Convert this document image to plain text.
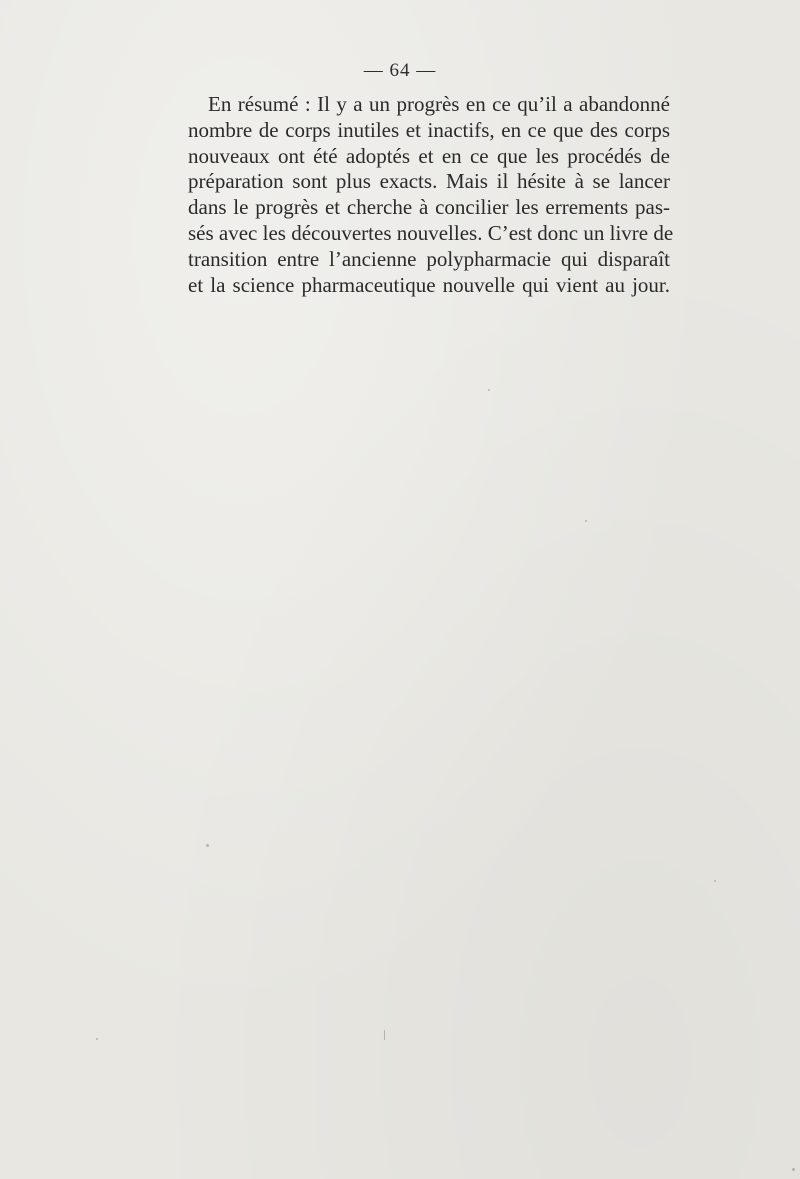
— 64 —
En résumé : Il y a un progrès en ce qu’il a abandonné
nombre de corps inutiles et inactifs, en ce que des corps
nouveaux ont été adoptés et en ce que les procédés de
préparation sont plus exacts. Mais il hésite à se lancer
dans le progrès et cherche à concilier les errements pas-
sés avec les découvertes nouvelles. C’est donc un livre de
transition entre l’ancienne polypharmacie qui disparaît
et la science pharmaceutique nouvelle qui vient au jour.
